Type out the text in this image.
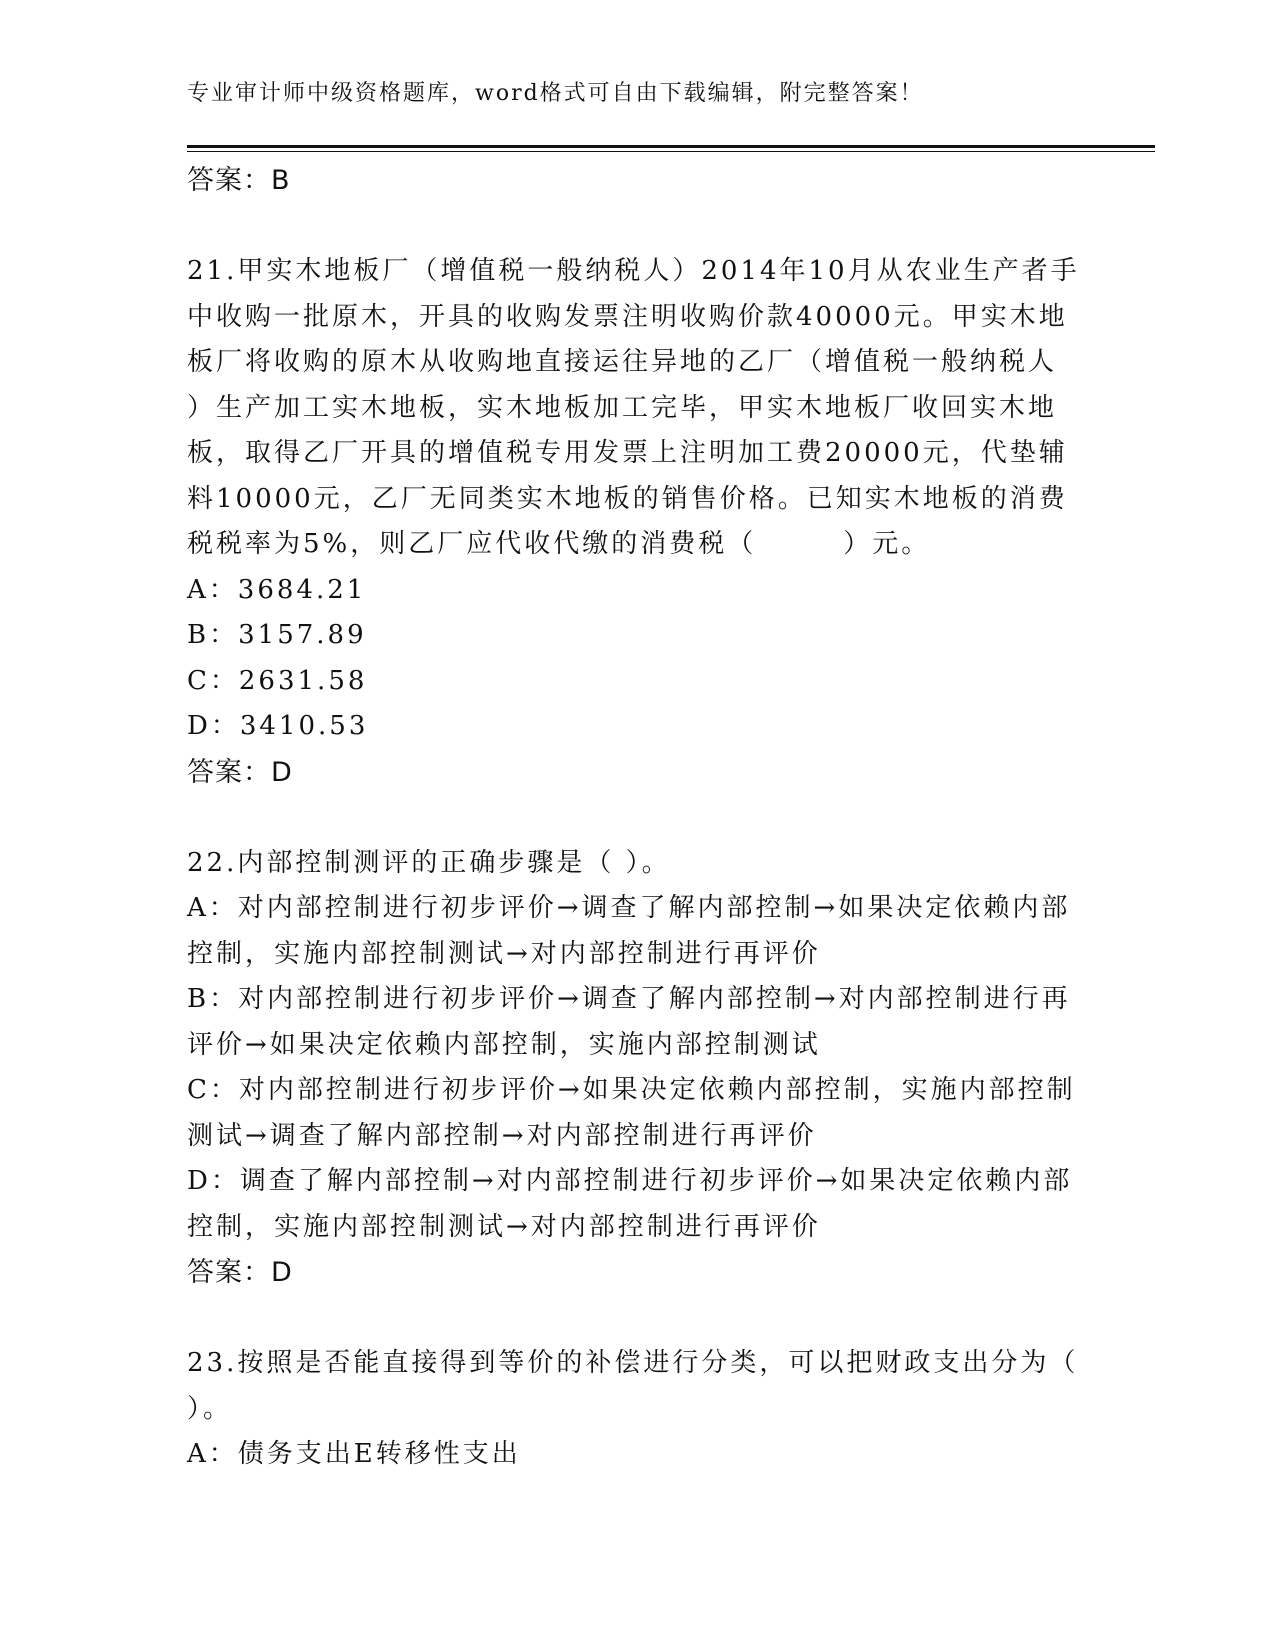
专业审计师中级资格题库，word格式可自由下载编辑，附完整答案！
答案：B
21.甲实木地板厂（增值税一般纳税人）2014年10月从农业生产者手
中收购一批原木，开具的收购发票注明收购价款40000元。甲实木地
板厂将收购的原木从收购地直接运往异地的乙厂（增值税一般纳税人
）生产加工实木地板，实木地板加工完毕，甲实木地板厂收回实木地
板，取得乙厂开具的增值税专用发票上注明加工费20000元，代垫辅
料10000元，乙厂无同类实木地板的销售价格。已知实木地板的消费
税税率为5%，则乙厂应代收代缴的消费税（　　　）元。
A：3684.21
B：3157.89
C：2631.58
D：3410.53
答案：D
22.内部控制测评的正确步骤是（ ）。
A：对内部控制进行初步评价→调查了解内部控制→如果决定依赖内部
控制，实施内部控制测试→对内部控制进行再评价
B：对内部控制进行初步评价→调查了解内部控制→对内部控制进行再
评价→如果决定依赖内部控制，实施内部控制测试
C：对内部控制进行初步评价→如果决定依赖内部控制，实施内部控制
测试→调查了解内部控制→对内部控制进行再评价
D：调查了解内部控制→对内部控制进行初步评价→如果决定依赖内部
控制，实施内部控制测试→对内部控制进行再评价
答案：D
23.按照是否能直接得到等价的补偿进行分类，可以把财政支出分为（
）。
A：债务支出E转移性支出
